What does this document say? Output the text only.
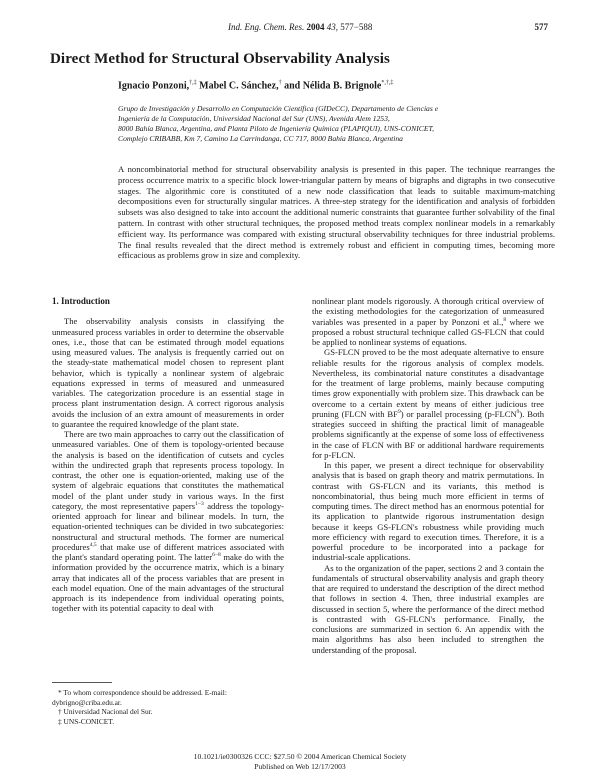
Ind. Eng. Chem. Res. 2004 43, 577−588	577
Direct Method for Structural Observability Analysis
Ignacio Ponzoni,†,‡ Mabel C. Sánchez,† and Nélida B. Brignole*,†,‡
Grupo de Investigación y Desarrollo en Computación Científica (GIDeCC), Departamento de Ciencias e
Ingeniería de la Computación, Universidad Nacional del Sur (UNS), Avenida Alem 1253,
8000 Bahía Blanca, Argentina, and Planta Piloto de Ingeniería Química (PLAPIQUI), UNS-CONICET,
Complejo CRIBABB, Km 7, Camino La Carrindanga, CC 717, 8000 Bahía Blanca, Argentina
A noncombinatorial method for structural observability analysis is presented in this paper. The technique rearranges the process occurrence matrix to a specific block lower-triangular pattern by means of bigraphs and digraphs in two consecutive stages. The algorithmic core is constituted of a new node classification that leads to suitable maximum-matching decompositions even for structurally singular matrices. A three-step strategy for the identification and analysis of forbidden subsets was also designed to take into account the additional numeric constraints that guarantee further solvability of the final pattern. In contrast with other structural techniques, the proposed method treats complex nonlinear models in a remarkably efficient way. Its performance was compared with existing structural observability techniques for three industrial problems. The final results revealed that the direct method is extremely robust and efficient in computing times, becoming more efficacious as problems grow in size and complexity.
1. Introduction

The observability analysis consists in classifying the unmeasured process variables in order to determine the observable ones, i.e., those that can be estimated through model equations using measured values. The analysis is frequently carried out on the steady-state mathematical model chosen to represent plant behavior, which is typically a nonlinear system of algebraic equations expressed in terms of measured and unmeasured variables. The categorization procedure is an essential stage in process plant instrumentation design. A correct rigorous analysis avoids the inclusion of an extra amount of measurements in order to guarantee the required knowledge of the plant state.

There are two main approaches to carry out the classification of unmeasured variables. One of them is topology-oriented because the analysis is based on the identification of cutsets and cycles within the undirected graph that represents process topology. In contrast, the other one is equation-oriented, making use of the system of algebraic equations that constitutes the mathematical model of the plant under study in various ways. In the first category, the most representative papers$^{1-3}$ address the topology-oriented approach for linear and bilinear models. In turn, the equation-oriented techniques can be divided in two subcategories: nonstructural and structural methods. The former are numerical procedures$^{4,5}$ that make use of different matrices associated with the plant's standard operating point. The latter$^{6-8}$ make do with the information provided by the occurrence matrix, which is a binary array that indicates all of the process variables that are present in each model equation. One of the main advantages of the structural approach is its independence from individual operating points, together with its potential capacity to deal with

nonlinear plant models rigorously. A thorough critical overview of the existing methodologies for the categorization of unmeasured variables was presented in a paper by Ponzoni et al.,$^8$ where we proposed a robust structural technique called GS-FLCN that could be applied to nonlinear systems of equations.

GS-FLCN proved to be the most adequate alternative to ensure reliable results for the rigorous analysis of complex models. Nevertheless, its combinatorial nature constitutes a disadvantage for the treatment of large problems, mainly because computing times grow exponentially with problem size. This drawback can be overcome to a certain extent by means of either judicious tree pruning (FLCN with $BF^9$) or parallel processing (p-FLCN$^9$). Both strategies succeed in shifting the practical limit of manageable problems significantly at the expense of some loss of effectiveness in the case of FLCN with BF or additional hardware requirements for p-FLCN.

In this paper, we present a direct technique for observability analysis that is based on graph theory and matrix permutations. In contrast with GS-FLCN and its variants, this method is noncombinatorial, thus being much more efficient in terms of computing times. The direct method has an enormous potential for its application to plantwide rigorous instrumentation design because it keeps GS-FLCN's robustness while providing much more efficiency with regard to execution times. Therefore, it is a powerful procedure to be incorporated into a package for industrial-scale applications.

As to the organization of the paper, sections 2 and 3 contain the fundamentals of structural observability analysis and graph theory that are required to understand the description of the direct method that follows in section 4. Then, three industrial examples are discussed in section 5, where the performance of the direct method is contrasted with GS-FLCN's performance. Finally, the conclusions are summarized in section 6. An appendix with the main algorithms has also been included to strengthen the understanding of the proposal.

* To whom correspondence should be addressed. E-mail: dybrigno@criba.edu.ar.
† Universidad Nacional del Sur.
‡ UNS-CONICET.
10.1021/ie0300326 CCC: $27.50 © 2004 American Chemical Society
Published on Web 12/17/2003
